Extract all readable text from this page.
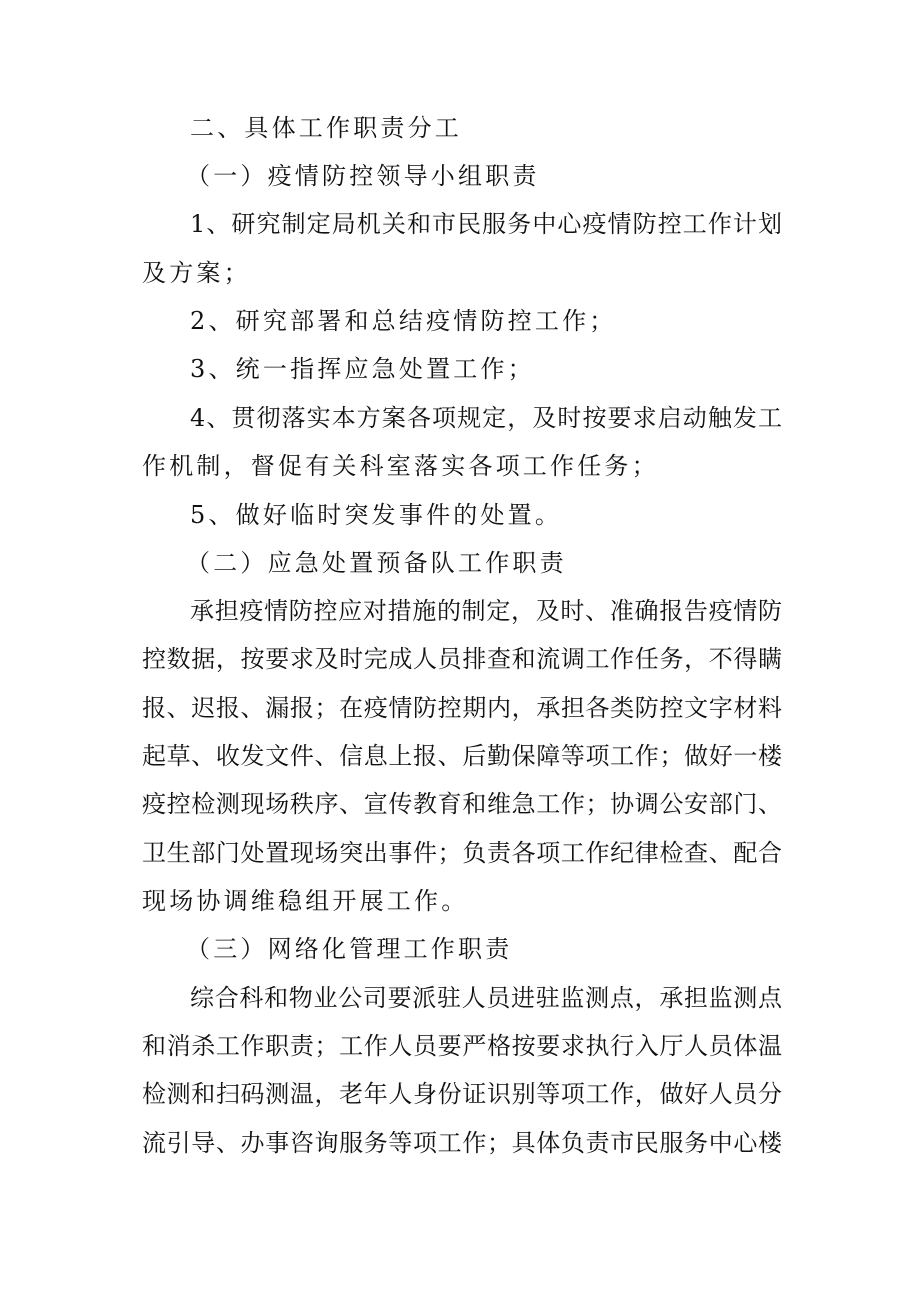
二、具体工作职责分工
（一）疫情防控领导小组职责
1、研究制定局机关和市民服务中心疫情防控工作计划
及方案；
2、研究部署和总结疫情防控工作；
3、统一指挥应急处置工作；
4、贯彻落实本方案各项规定，及时按要求启动触发工
作机制，督促有关科室落实各项工作任务；
5、做好临时突发事件的处置。
（二）应急处置预备队工作职责
承担疫情防控应对措施的制定，及时、准确报告疫情防
控数据，按要求及时完成人员排查和流调工作任务，不得瞒
报、迟报、漏报；在疫情防控期内，承担各类防控文字材料
起草、收发文件、信息上报、后勤保障等项工作；做好一楼
疫控检测现场秩序、宣传教育和维急工作；协调公安部门、
卫生部门处置现场突出事件；负责各项工作纪律检查、配合
现场协调维稳组开展工作。
（三）网络化管理工作职责
综合科和物业公司要派驻人员进驻监测点，承担监测点
和消杀工作职责；工作人员要严格按要求执行入厅人员体温
检测和扫码测温，老年人身份证识别等项工作，做好人员分
流引导、办事咨询服务等项工作；具体负责市民服务中心楼
